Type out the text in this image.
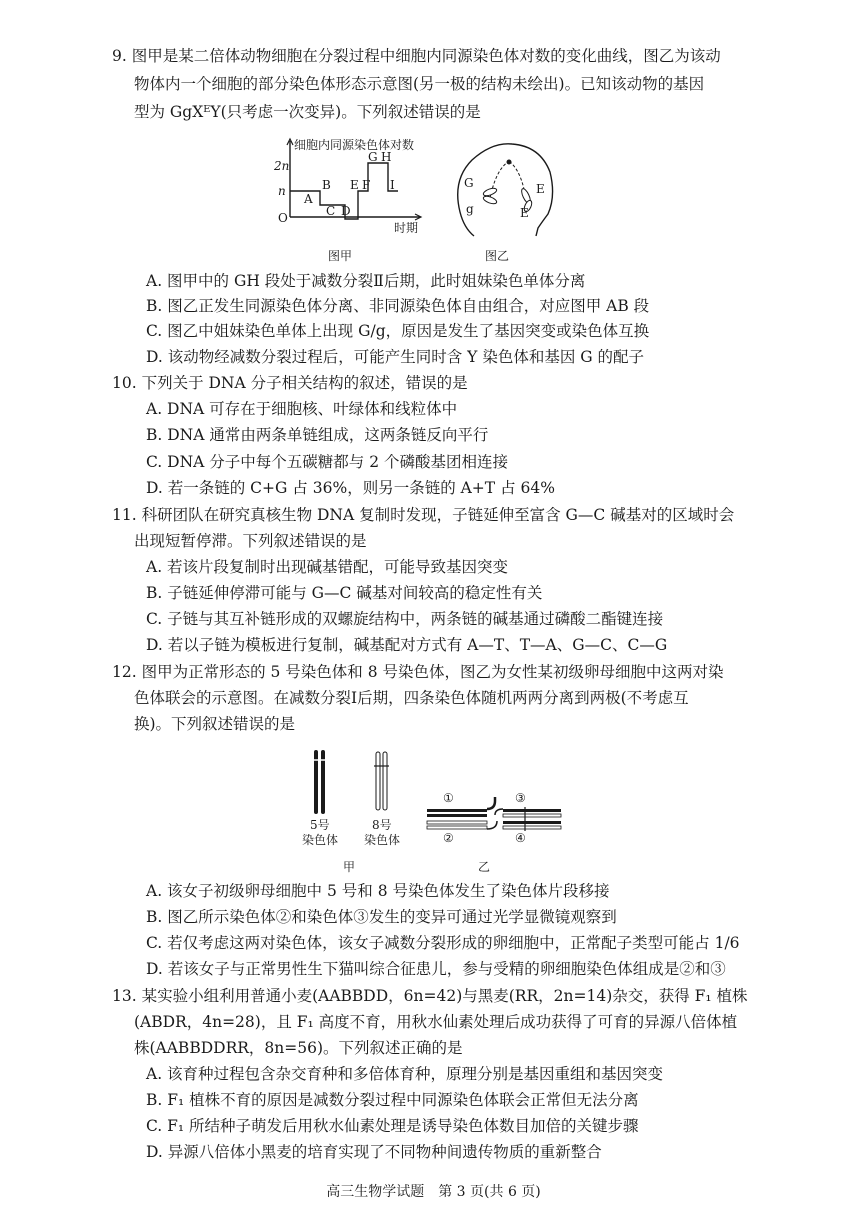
9. 图甲是某二倍体动物细胞在分裂过程中细胞内同源染色体对数的变化曲线，图乙为该动
物体内一个细胞的部分染色体形态示意图(另一极的结构未绘出)。已知该动物的基因
型为 GgXᴱY(只考虑一次变异)。下列叙述错误的是
细胞内同源染色体对数
2n
n
O
A
B
C D
E F
G H
I
时期
图甲
G
g
E
E
图乙
A. 图甲中的 GH 段处于减数分裂Ⅱ后期，此时姐妹染色单体分离
B. 图乙正发生同源染色体分离、非同源染色体自由组合，对应图甲 AB 段
C. 图乙中姐妹染色单体上出现 G/g，原因是发生了基因突变或染色体互换
D. 该动物经减数分裂过程后，可能产生同时含 Y 染色体和基因 G 的配子
10. 下列关于 DNA 分子相关结构的叙述，错误的是
A. DNA 可存在于细胞核、叶绿体和线粒体中
B. DNA 通常由两条单链组成，这两条链反向平行
C. DNA 分子中每个五碳糖都与 2 个磷酸基团相连接
D. 若一条链的 C+G 占 36%，则另一条链的 A+T 占 64%
11. 科研团队在研究真核生物 DNA 复制时发现，子链延伸至富含 G—C 碱基对的区域时会
出现短暂停滞。下列叙述错误的是
A. 若该片段复制时出现碱基错配，可能导致基因突变
B. 子链延伸停滞可能与 G—C 碱基对间较高的稳定性有关
C. 子链与其互补链形成的双螺旋结构中，两条链的碱基通过磷酸二酯键连接
D. 若以子链为模板进行复制，碱基配对方式有 A—T、T—A、G—C、C—G
12. 图甲为正常形态的 5 号染色体和 8 号染色体，图乙为女性某初级卵母细胞中这两对染
色体联会的示意图。在减数分裂Ⅰ后期，四条染色体随机两两分离到两极(不考虑互
换)。下列叙述错误的是
5号
染色体
8号
染色体
甲
①
②
③
④
乙
A. 该女子初级卵母细胞中 5 号和 8 号染色体发生了染色体片段移接
B. 图乙所示染色体②和染色体③发生的变异可通过光学显微镜观察到
C. 若仅考虑这两对染色体，该女子减数分裂形成的卵细胞中，正常配子类型可能占 1/6
D. 若该女子与正常男性生下猫叫综合征患儿，参与受精的卵细胞染色体组成是②和③
13. 某实验小组利用普通小麦(AABBDD，6n=42)与黑麦(RR，2n=14)杂交，获得 F₁ 植株
(ABDR，4n=28)，且 F₁ 高度不育，用秋水仙素处理后成功获得了可育的异源八倍体植
株(AABBDDRR，8n=56)。下列叙述正确的是
A. 该育种过程包含杂交育种和多倍体育种，原理分别是基因重组和基因突变
B. F₁ 植株不育的原因是减数分裂过程中同源染色体联会正常但无法分离
C. F₁ 所结种子萌发后用秋水仙素处理是诱导染色体数目加倍的关键步骤
D. 异源八倍体小黑麦的培育实现了不同物种间遗传物质的重新整合
高三生物学试题　第 3 页(共 6 页)
